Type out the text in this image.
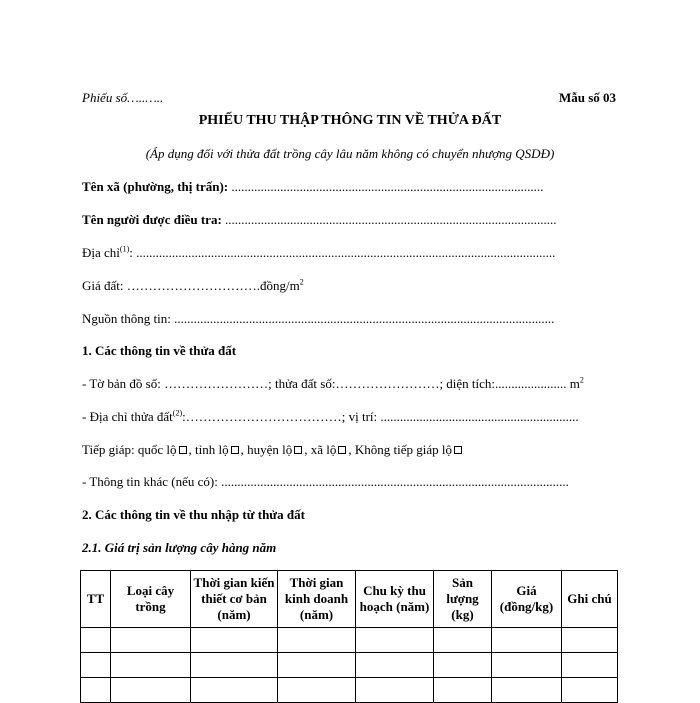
Phiếu số…..…..	Mẫu số 03
PHIẾU THU THẬP THÔNG TIN VỀ THỬA ĐẤT
(Áp dụng đối với thửa đất trồng cây lâu năm không có chuyển nhượng QSDĐ)
Tên xã (phường, thị trấn): ................................................................................................
Tên người được điều tra: ......................................................................................................
Địa chỉ$^{(1)}$: .................................................................................................................................
Giá đất: $\dots\dots\dots\dots\dots\dots\dots\dots\dots\dots.đồng/m^2$
Nguồn thông tin: .....................................................................................................................
1. Các thông tin về thửa đất
- Tờ bản đồ số: ……………………; thửa đất số:……………………; diện tích:...................... $m^2$
- Địa chỉ thửa đất$^{(2)}$:………………………………; vị trí: .............................................................
Tiếp giáp: quốc lộ , tỉnh lộ , huyện lộ , xã lộ , Không tiếp giáp lộ
- Thông tin khác (nếu có): ...........................................................................................................
2. Các thông tin về thu nhập từ thửa đất
2.1. Giá trị sản lượng cây hàng năm
TT	Loại cây trồng	Thời gian kiến thiết cơ bản (năm)	Thời gian kinh doanh (năm)	Chu kỳ thu hoạch (năm)	Sản lượng (kg)	Giá (đồng/kg)	Ghi chú
